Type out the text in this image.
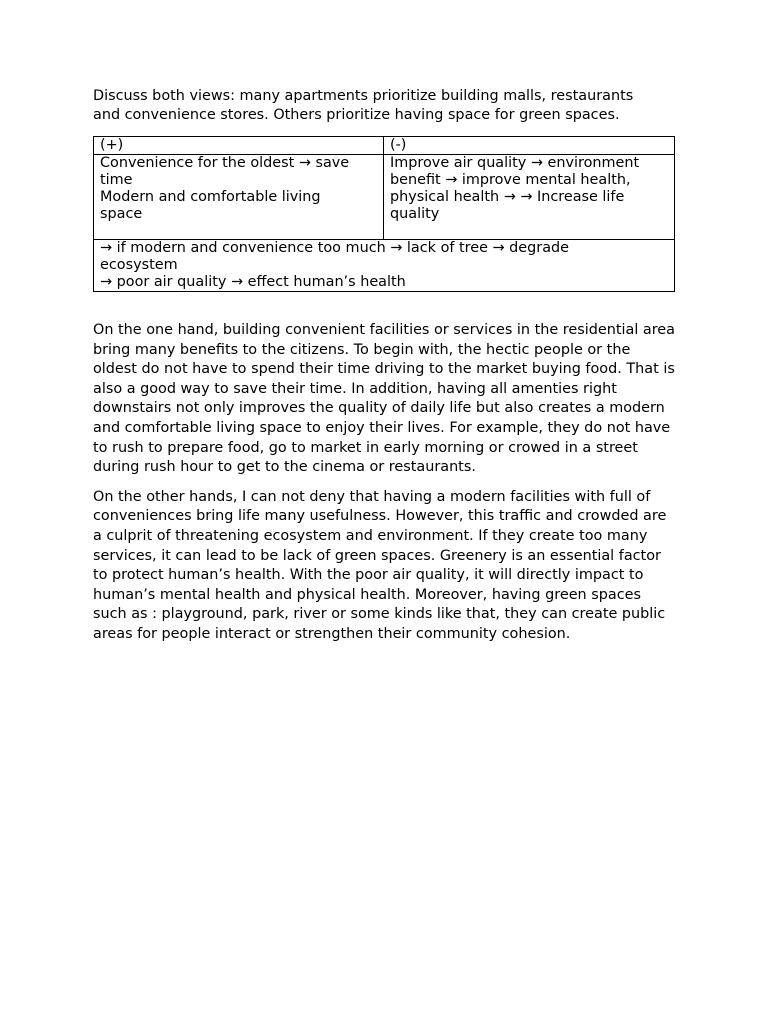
Discuss both views: many apartments prioritize building malls, restaurants
and convenience stores. Others prioritize having space for green spaces.

(+)	(-)

Convenience for the oldest → save
time
Modern and comfortable living
space	Improve air quality → environment
benefit → improve mental health,
physical health → → Increase life
quality

→ if modern and convenience too much → lack of tree → degrade
ecosystem
→ poor air quality → effect human’s health	

On the one hand, building convenient facilities or services in the residential area bring many benefits to the citizens. To begin with, the hectic people or the oldest do not have to spend their time driving to the market buying food. That is also a good way to save their time. In addition, having all amenties right downstairs not only improves the quality of daily life but also creates a modern and comfortable living space to enjoy their lives. For example, they do not have to rush to prepare food, go to market in early morning or crowed in a street during rush hour to get to the cinema or restaurants.

On the other hands, I can not deny that having a modern facilities with full of conveniences bring life many usefulness. However, this traffic and crowded are a culprit of threatening ecosystem and environment. If they create too many services, it can lead to be lack of green spaces. Greenery is an essential factor to protect human’s health. With the poor air quality, it will directly impact to human’s mental health and physical health. Moreover, having green spaces such as : playground, park, river or some kinds like that, they can create public areas for people interact or strengthen their community cohesion.
